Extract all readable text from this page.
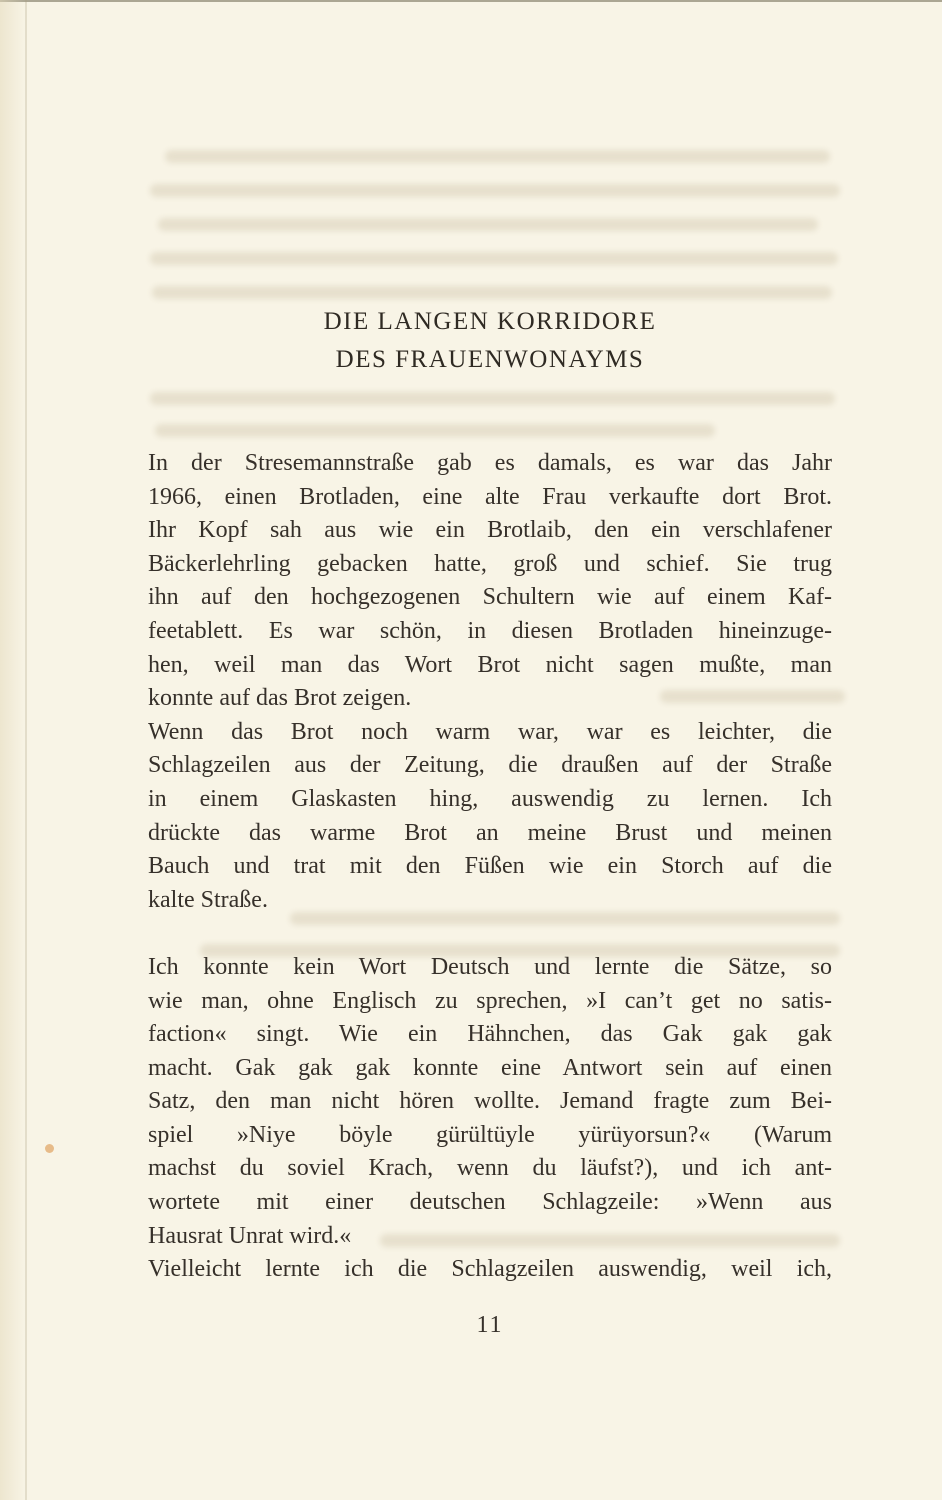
DIE LANGEN KORRIDORE
DES FRAUENWONAYMS
In der Stresemannstraße gab es damals, es war das Jahr
1966, einen Brotladen, eine alte Frau verkaufte dort Brot.
Ihr Kopf sah aus wie ein Brotlaib, den ein verschlafener
Bäckerlehrling gebacken hatte, groß und schief. Sie trug
ihn auf den hochgezogenen Schultern wie auf einem Kaf-
feetablett. Es war schön, in diesen Brotladen hineinzuge-
hen, weil man das Wort Brot nicht sagen mußte, man
konnte auf das Brot zeigen.
Wenn das Brot noch warm war, war es leichter, die
Schlagzeilen aus der Zeitung, die draußen auf der Straße
in einem Glaskasten hing, auswendig zu lernen. Ich
drückte das warme Brot an meine Brust und meinen
Bauch und trat mit den Füßen wie ein Storch auf die
kalte Straße.
Ich konnte kein Wort Deutsch und lernte die Sätze, so
wie man, ohne Englisch zu sprechen, »I can’t get no satis-
faction« singt. Wie ein Hähnchen, das Gak gak gak
macht. Gak gak gak konnte eine Antwort sein auf einen
Satz, den man nicht hören wollte. Jemand fragte zum Bei-
spiel »Niye böyle gürültüyle yürüyorsun?« (Warum
machst du soviel Krach, wenn du läufst?), und ich ant-
wortete mit einer deutschen Schlagzeile: »Wenn aus
Hausrat Unrat wird.«
Vielleicht lernte ich die Schlagzeilen auswendig, weil ich,
11
